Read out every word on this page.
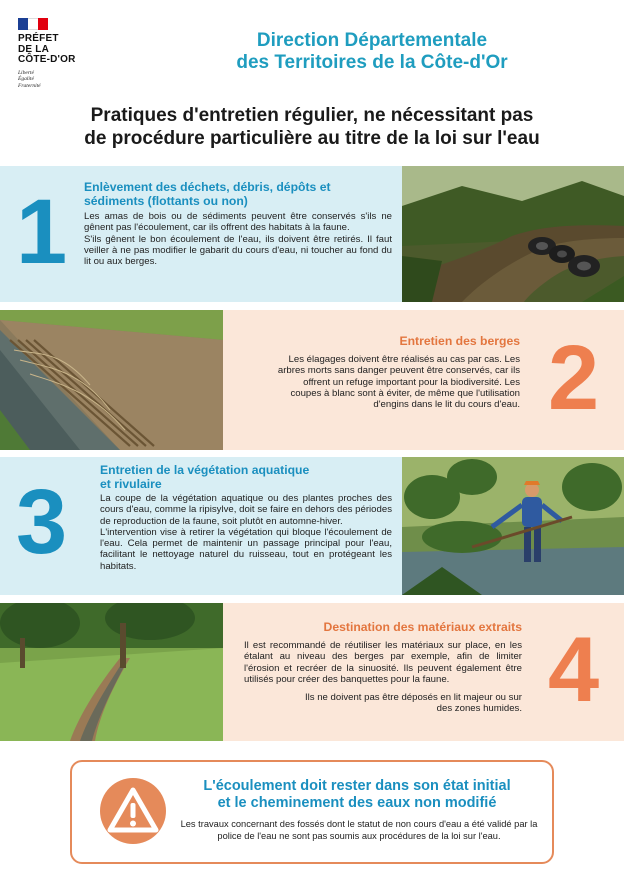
PRÉFET
DE LA
CÔTE-D'OR
Liberté
Égalité
Fraternité
Direction Départementale
des Territoires de la Côte-d'Or
Pratiques d'entretien régulier, ne nécessitant pas
de procédure particulière au titre de la loi sur l'eau
1 Enlèvement des déchets, débris, dépôts et
sédiments (flottants ou non)

Les amas de bois ou de sédiments peuvent être conservés s'ils ne gênent pas l'écoulement, car ils offrent des habitats à la faune.

S'ils gênent le bon écoulement de l'eau, ils doivent être retirés. Il faut veiller à ne pas modifier le gabarit du cours d'eau, ni toucher au fond du lit ou aux berges.

2
Entretien des berges

Les élagages doivent être réalisés au cas par cas. Les arbres morts sans danger peuvent être conservés, car ils offrent un refuge important pour la biodiversité. Les coupes à blanc sont à éviter, de même que l'utilisation d'engins dans le lit du cours d'eau.

3
Entretien de la végétation aquatique
et rivulaire

La coupe de la végétation aquatique ou des plantes proches des cours d'eau, comme la ripisylve, doit se faire en dehors des périodes de reproduction de la faune, soit plutôt en automne-hiver.

L'intervention vise à retirer la végétation qui bloque l'écoulement de l'eau. Cela permet de maintenir un passage principal pour l'eau, facilitant le nettoyage naturel du ruisseau, tout en protégeant les habitats.

4
Destination des matériaux extraits

Il est recommandé de réutiliser les matériaux sur place, en les étalant au niveau des berges par exemple, afin de limiter l'érosion et recréer de la sinuosité. Ils peuvent également être utilisés pour créer des banquettes pour la faune.

Ils ne doivent pas être déposés en lit majeur ou sur des zones humides.

L'écoulement doit rester dans son état initial
et le cheminement des eaux non modifié
Les travaux concernant des fossés dont le statut de non cours d'eau a été validé par la police de l'eau ne sont pas soumis aux procédures de la loi sur l'eau.
